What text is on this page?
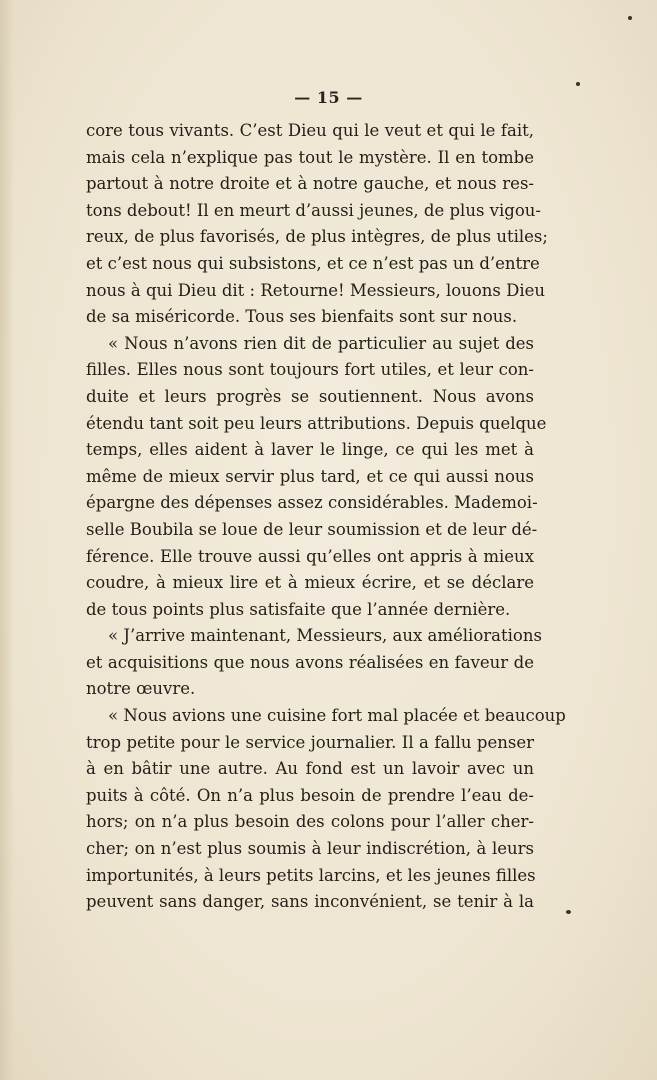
— 15 —
core tous vivants. C’est Dieu qui le veut et qui le fait,
mais cela n’explique pas tout le mystère. Il en tombe
partout à notre droite et à notre gauche, et nous res-
tons debout! Il en meurt d’aussi jeunes, de plus vigou-
reux, de plus favorisés, de plus intègres, de plus utiles;
et c’est nous qui subsistons, et ce n’est pas un d’entre
nous à qui Dieu dit : Retourne! Messieurs, louons Dieu
de sa miséricorde. Tous ses bienfaits sont sur nous.
« Nous n’avons rien dit de particulier au sujet des
filles. Elles nous sont toujours fort utiles, et leur con-
duite et leurs progrès se soutiennent. Nous avons
étendu tant soit peu leurs attributions. Depuis quelque
temps, elles aident à laver le linge, ce qui les met à
même de mieux servir plus tard, et ce qui aussi nous
épargne des dépenses assez considérables. Mademoi-
selle Boubila se loue de leur soumission et de leur dé-
férence. Elle trouve aussi qu’elles ont appris à mieux
coudre, à mieux lire et à mieux écrire, et se déclare
de tous points plus satisfaite que l’année dernière.
« J’arrive maintenant, Messieurs, aux améliorations
et acquisitions que nous avons réalisées en faveur de
notre œuvre.
« Nous avions une cuisine fort mal placée et beaucoup
trop petite pour le service journalier. Il a fallu penser
à en bâtir une autre. Au fond est un lavoir avec un
puits à côté. On n’a plus besoin de prendre l’eau de-
hors; on n’a plus besoin des colons pour l’aller cher-
cher; on n’est plus soumis à leur indiscrétion, à leurs
importunités, à leurs petits larcins, et les jeunes filles
peuvent sans danger, sans inconvénient, se tenir à la
